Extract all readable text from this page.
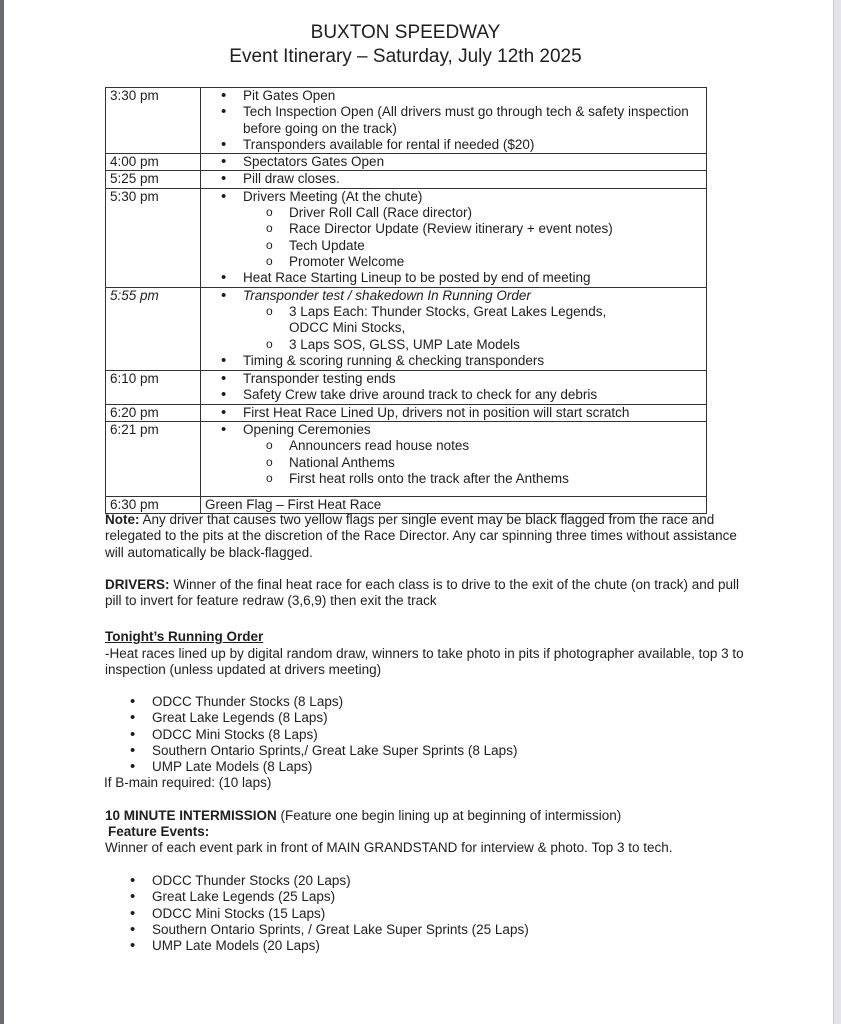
BUXTON SPEEDWAY
Event Itinerary – Saturday, July 12th 2025
3:30 pm	
•Pit Gates Open
• Tech Inspection Open (All drivers must go through tech & safety inspection before going on the track)
• Transponders available for rental if needed ($20)

4:00 pm	
•Spectators Gates Open

5:25 pm	
•Pill draw closes.

5:30 pm	
•Drivers Meeting (At the chute)
o Driver Roll Call (Race director)
o Race Director Update (Review itinerary + event notes)
o Tech Update
o Promoter Welcome
• Heat Race Starting Lineup to be posted by end of meeting

5:55 pm	
•Transponder test / shakedown In Running Order
o 3 Laps Each: Thunder Stocks, Great Lakes Legends, ODCC Mini Stocks,
o 3 Laps SOS, GLSS, UMP Late Models
• Timing & scoring running & checking transponders

6:10 pm	
•Transponder testing ends
• Safety Crew take drive around track to check for any debris

6:20 pm	
•First Heat Race Lined Up, drivers not in position will start scratch

6:21 pm	
•Opening Ceremonies
o Announcers read house notes
o National Anthems
o First heat rolls onto the track after the Anthems

6:30 pm	Green Flag – First Heat Race
Note: Any driver that causes two yellow flags per single event may be black flagged from the race and relegated to the pits at the discretion of the Race Director. Any car spinning three times without assistance will automatically be black-flagged.
DRIVERS: Winner of the final heat race for each class is to drive to the exit of the chute (on track) and pull pill to invert for feature redraw (3,6,9) then exit the track
Tonight’s Running Order
-Heat races lined up by digital random draw, winners to take photo in pits if photographer available, top 3 to inspection (unless updated at drivers meeting)
• ODCC Thunder Stocks (8 Laps)
• Great Lake Legends (8 Laps)
• ODCC Mini Stocks (8 Laps)
• Southern Ontario Sprints,/ Great Lake Super Sprints (8 Laps)
• UMP Late Models (8 Laps)
If B-main required: (10 laps)
10 MINUTE INTERMISSION (Feature one begin lining up at beginning of intermission)
Feature Events:
Winner of each event park in front of MAIN GRANDSTAND for interview & photo. Top 3 to tech.
• ODCC Thunder Stocks (20 Laps)
• Great Lake Legends (25 Laps)
• ODCC Mini Stocks (15 Laps)
• Southern Ontario Sprints, / Great Lake Super Sprints (25 Laps)
• UMP Late Models (20 Laps)
